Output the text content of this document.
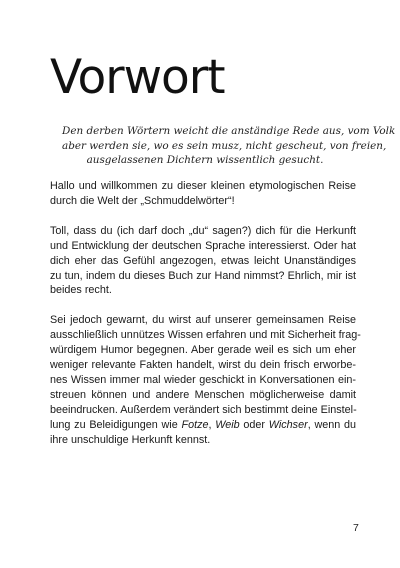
Vorwort

Den derben Wörtern weicht die anständige Rede aus, vom Volk
aber werden sie, wo es sein musz, nicht gescheut, von freien,
ausgelassenen Dichtern wissentlich gesucht.

Hallo und willkommen zu dieser kleinen etymologischen Reise
durch die Welt der „Schmuddelwörter“!

Toll, dass du (ich darf doch „du“ sagen?) dich für die Herkunft
und Entwicklung der deutschen Sprache interessierst. Oder hat
dich eher das Gefühl angezogen, etwas leicht Unanständiges
zu tun, indem du dieses Buch zur Hand nimmst? Ehrlich, mir ist
beides recht.

Sei jedoch gewarnt, du wirst auf unserer gemeinsamen Reise
ausschließlich unnützes Wissen erfahren und mit Sicherheit frag-
würdigem Humor begegnen. Aber gerade weil es sich um eher
weniger relevante Fakten handelt, wirst du dein frisch erworbe-
nes Wissen immer mal wieder geschickt in Konversationen ein-
streuen können und andere Menschen möglicherweise damit
beeindrucken. Außerdem verändert sich bestimmt deine Einstel-
lung zu Beleidigungen wie Fotze, Weib oder Wichser, wenn du
ihre unschuldige Herkunft kennst.

7
